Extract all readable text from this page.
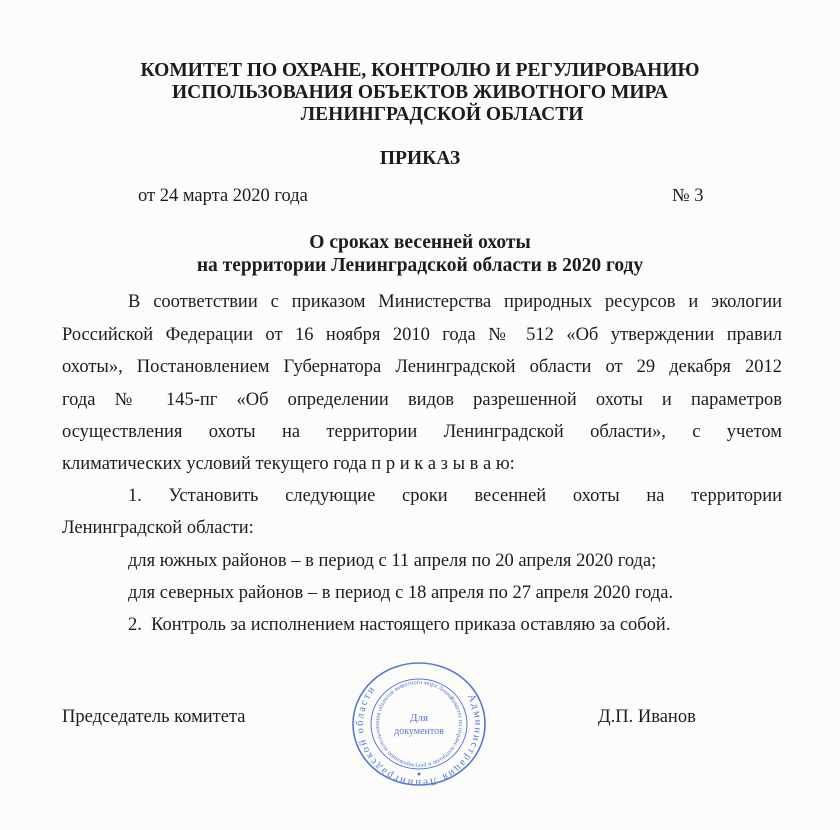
КОМИТЕТ ПО ОХРАНЕ, КОНТРОЛЮ И РЕГУЛИРОВАНИЮ
ИСПОЛЬЗОВАНИЯ ОБЪЕКТОВ ЖИВОТНОГО МИРА
ЛЕНИНГРАДСКОЙ ОБЛАСТИ
ПРИКАЗ
от 24 марта 2020 года	№ 3
О сроках весенней охоты
на территории Ленинградской области в 2020 году
В соответствии с приказом Министерства природных ресурсов и экологии
Российской Федерации от 16 ноября 2010 года № 512 «Об утверждении правил
охоты», Постановлением Губернатора Ленинградской области от 29 декабря 2012
года № 145-пг «Об определении видов разрешенной охоты и параметров
осуществления охоты на территории Ленинградской области», с учетом
климатических условий текущего года п р и к а з ы в а ю:
1. Установить следующие сроки весенней охоты на территории
Ленинградской области:
для южных районов – в период с 11 апреля по 20 апреля 2020 года;
для северных районов – в период с 18 апреля по 27 апреля 2020 года.
2.  Контроль за исполнением настоящего приказа оставляю за собой.
Председатель комитета	Д.П. Иванов
Администрация Ленинградской области
Комитет по охране контролю и регулированию использования объектов животного мира Ленин
Для
документов
